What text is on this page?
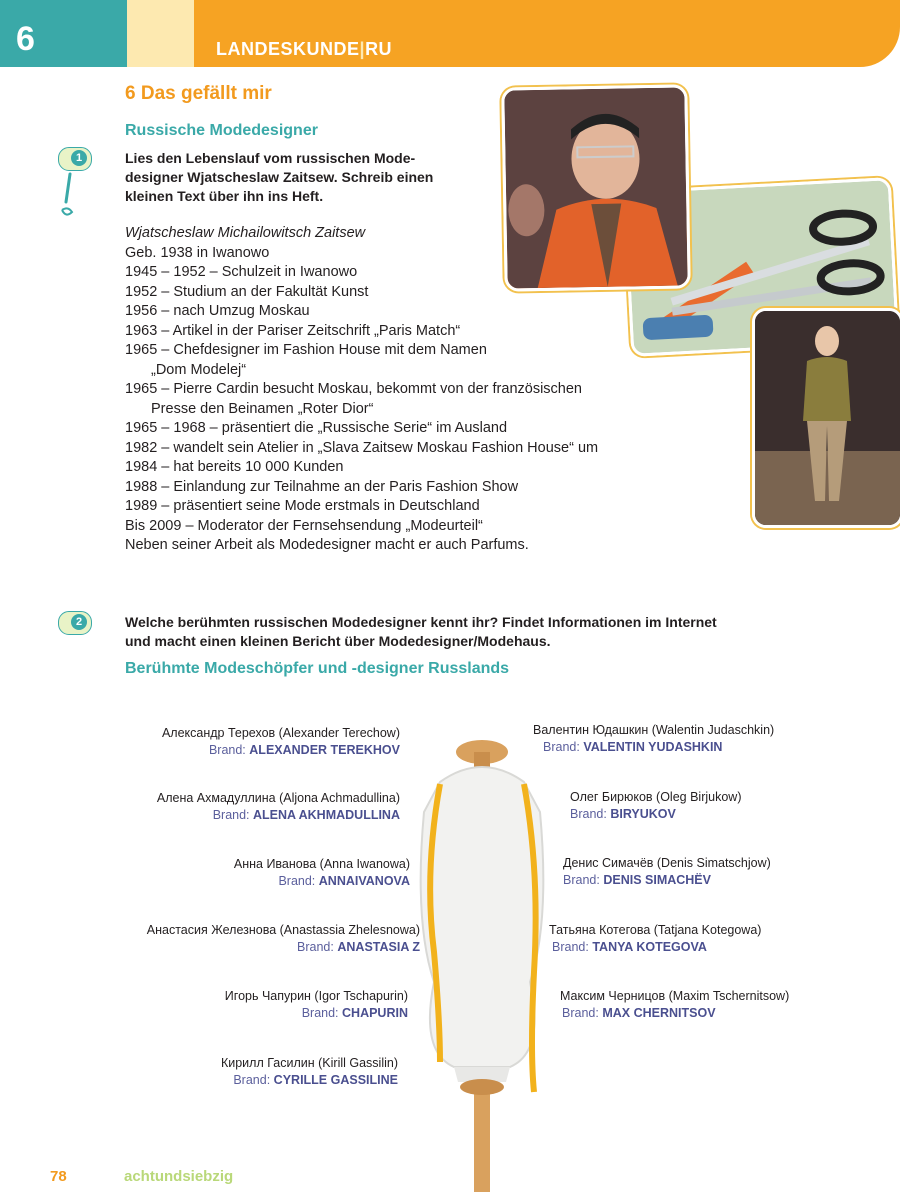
6	LANDESKUNDE|RU
6 Das gefällt mir
Russische Modedesigner
1	Lies den Lebenslauf vom russischen Mode-
designer Wjatscheslaw Zaitsew. Schreib einen
kleinen Text über ihn ins Heft.
Wjatscheslaw Michailowitsch Zaitsew
Geb. 1938 in Iwanowo
1945 – 1952 – Schulzeit in Iwanowo
1952 – Studium an der Fakultät Kunst
1956 – nach Umzug Moskau
1963 – Artikel in der Pariser Zeitschrift „Paris Match“
1965 – Chefdesigner im Fashion House mit dem Namen
„Dom Modelej“
1965 – Pierre Cardin besucht Moskau, bekommt von der französischen
Presse den Beinamen „Roter Dior“
1965 – 1968 – präsentiert die „Russische Serie“ im Ausland
1982 – wandelt sein Atelier in „Slava Zaitsew Moskau Fashion House“ um
1984 – hat bereits 10 000 Kunden
1988 – Einlandung zur Teilnahme an der Paris Fashion Show
1989 – präsentiert seine Mode erstmals in Deutschland
Bis 2009 – Moderator der Fernsehsendung „Modeurteil“
Neben seiner Arbeit als Modedesigner macht er auch Parfums.
2	Welche berühmten russischen Modedesigner kennt ihr? Findet Informationen im Internet
und macht einen kleinen Bericht über Modedesigner/Modehaus.
Berühmte Modeschöpfer und -designer Russlands
Александр Терехов (Alexander Terechow)
Brand: ALEXANDER TEREKHOV
Алена Ахмадуллина (Aljona Achmadullina)
Brand: ALENA AKHMADULLINA
Анна Иванова (Anna Iwanowa)
Brand: ANNAIVANOVA
Анастасия Железнова (Anastassia Zhelesnowa)
Brand: ANASTASIA Z
Игорь Чапурин (Igor Tschapurin)
Brand: CHAPURIN
Кирилл Гасилин (Kirill Gassilin)
Brand: CYRILLE GASSILINE
Валентин Юдашкин (Walentin Judaschkin)
Brand: VALENTIN YUDASHKIN
Олег Бирюков (Oleg Birjukow)
Brand: BIRYUKOV
Денис Симачёв (Denis Simatschjow)
Brand: DENIS SIMACHËV
Татьяна Котегова (Tatjana Kotegowa)
Brand: TANYA KOTEGOVA
Максим Черницов (Maxim Tschernitsow)
Brand: MAX CHERNITSOV
78	achtundsiebzig
